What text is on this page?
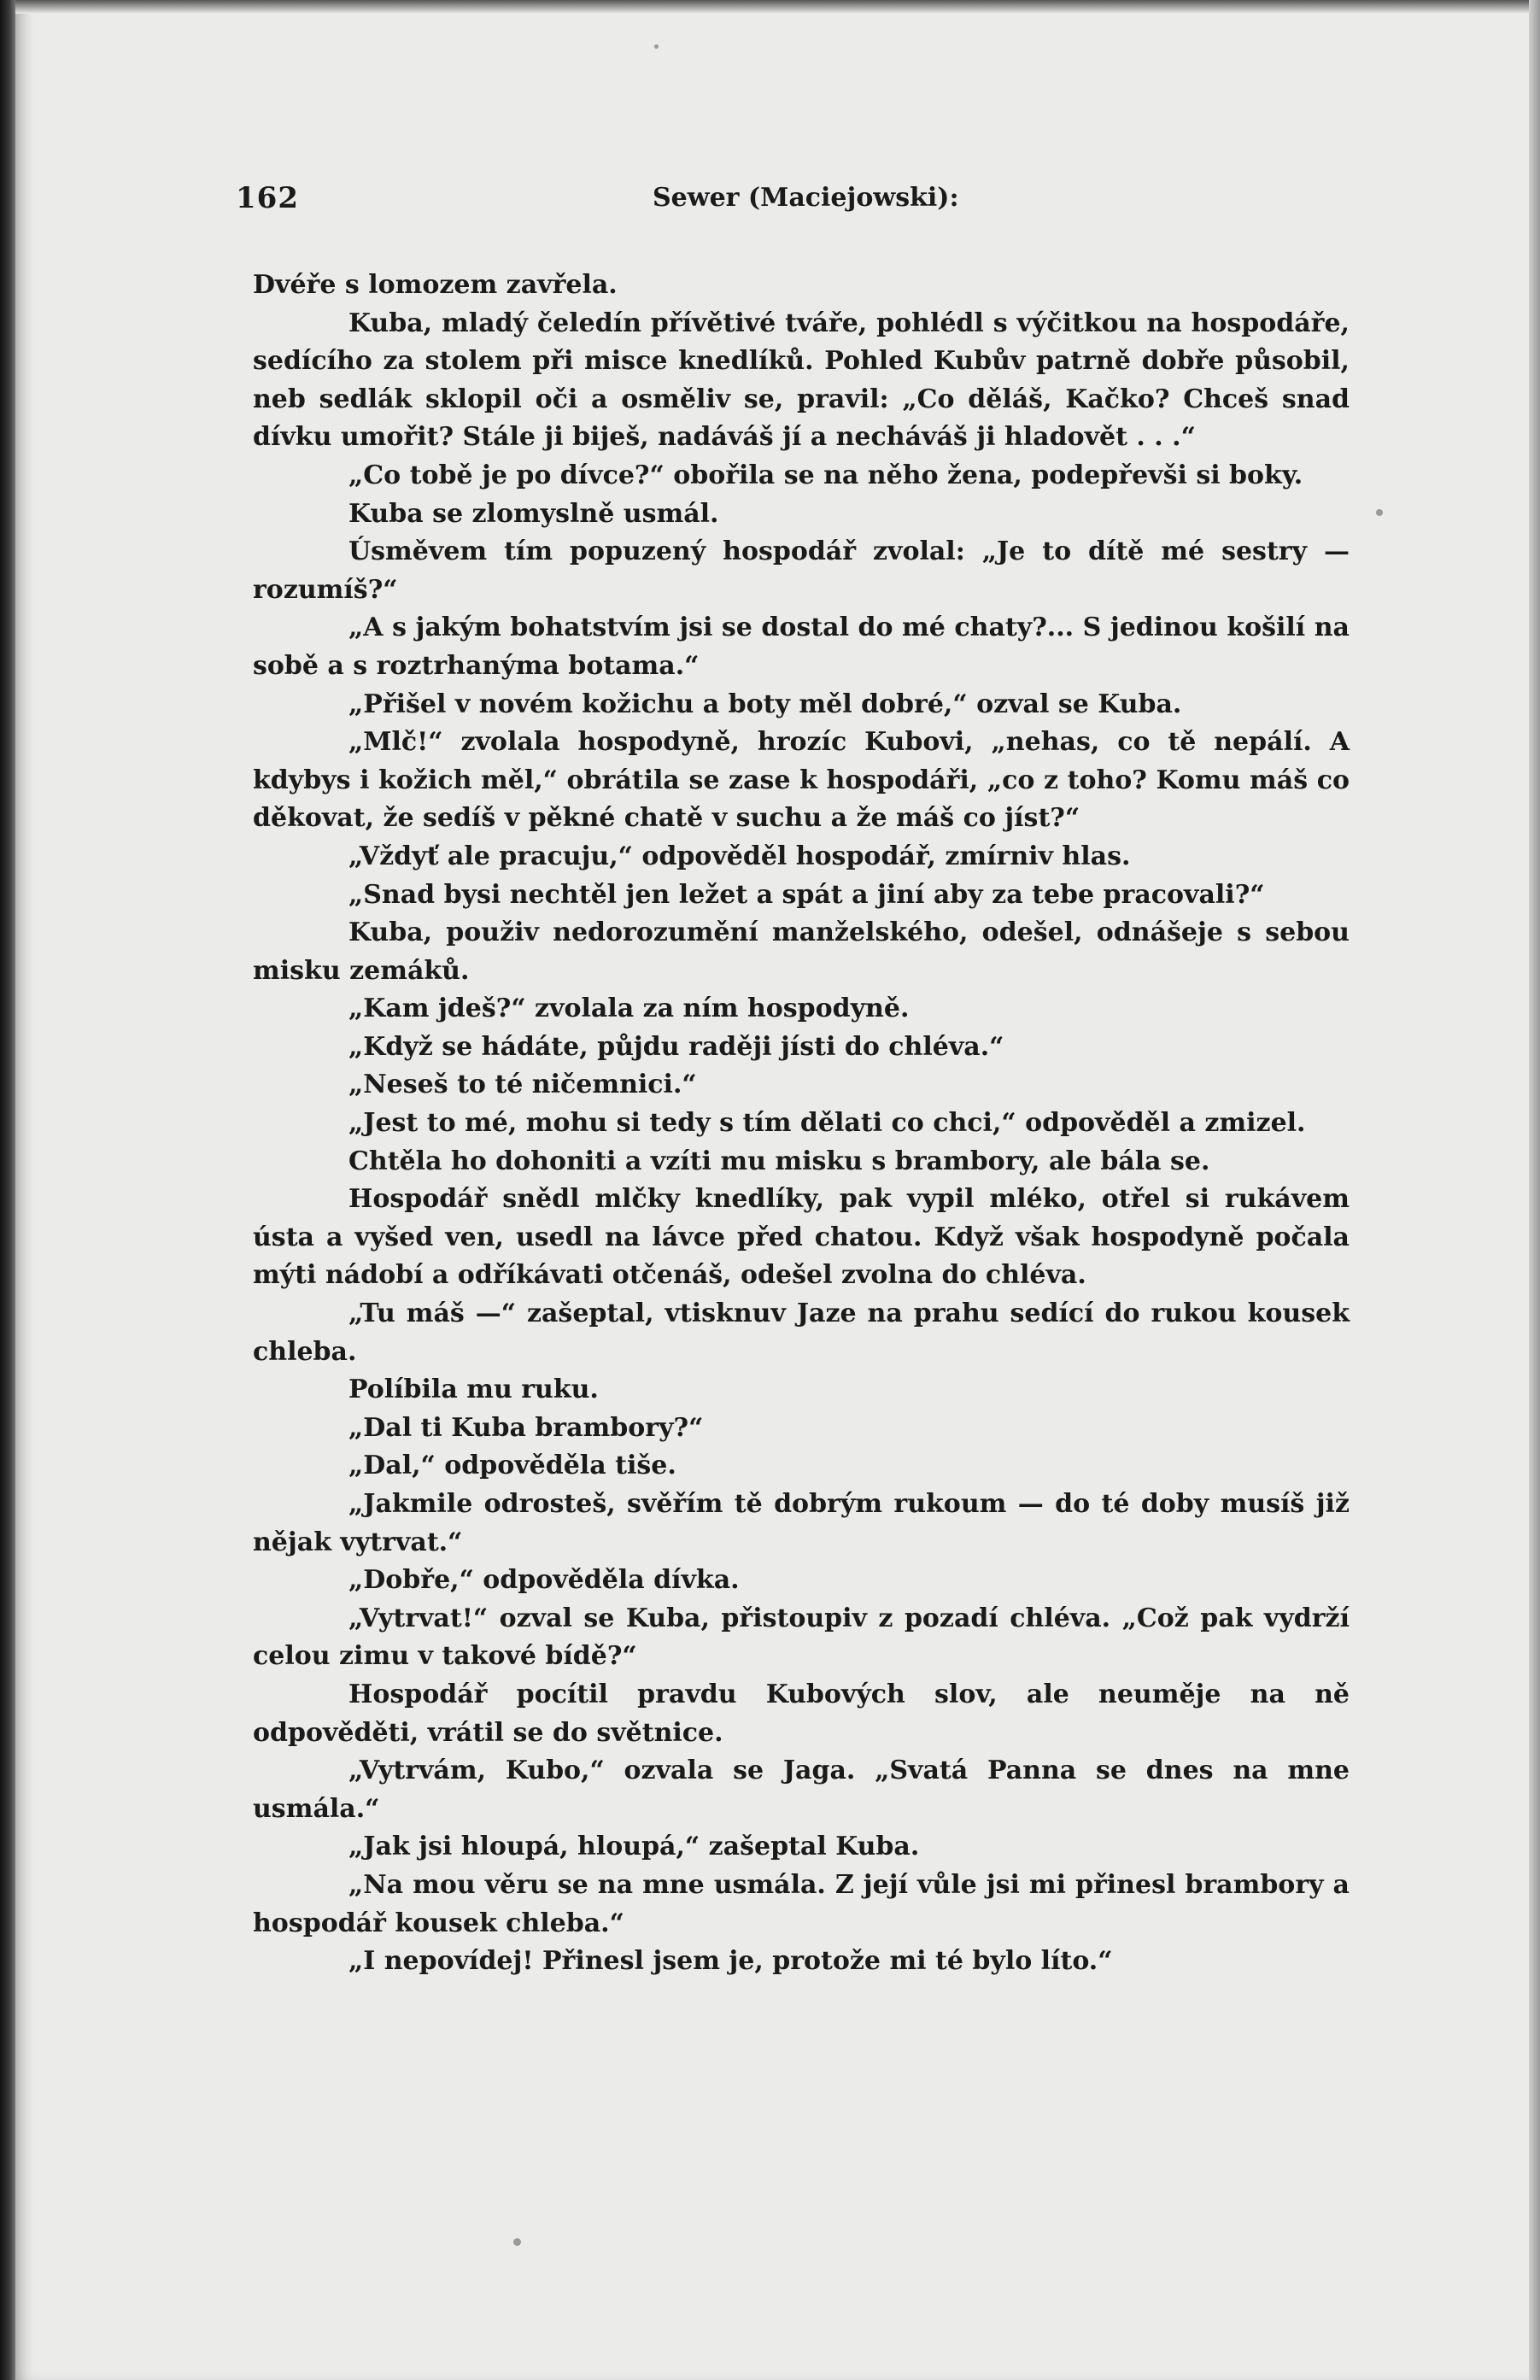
162	Sewer (Maciejowski):

Dvéře s lomozem zavřela.

Kuba, mladý čeledín přívětivé tváře, pohlédl s výčitkou na hospodáře, sedícího za stolem při misce knedlíků. Pohled Kubův patrně dobře působil, neb sedlák sklopil oči a osměliv se, pravil: „Co děláš, Kačko? Chceš snad dívku umořit? Stále ji biješ, nadáváš jí a necháváš ji hladovět . . .“

„Co tobě je po dívce?“ obořila se na něho žena, podepřevši si boky.

Kuba se zlomyslně usmál.

Úsměvem tím popuzený hospodář zvolal: „Je to dítě mé sestry — rozumíš?“

„A s jakým bohatstvím jsi se dostal do mé chaty?... S jedinou košilí na sobě a s roztrhanýma botama.“

„Přišel v novém kožichu a boty měl dobré,“ ozval se Kuba.

„Mlč!“ zvolala hospodyně, hrozíc Kubovi, „nehas, co tě nepálí. A kdybys i kožich měl,“ obrátila se zase k hospodáři, „co z toho? Komu máš co děkovat, že sedíš v pěkné chatě v suchu a že máš co jíst?“

„Vždyť ale pracuju,“ odpověděl hospodář, zmírniv hlas.

„Snad bysi nechtěl jen ležet a spát a jiní aby za tebe pracovali?“

Kuba, použiv nedorozumění manželského, odešel, odnášeje s sebou misku zemáků.

„Kam jdeš?“ zvolala za ním hospodyně.

„Když se hádáte, půjdu raději jísti do chléva.“

„Neseš to té ničemnici.“

„Jest to mé, mohu si tedy s tím dělati co chci,“ odpověděl a zmizel.

Chtěla ho dohoniti a vzíti mu misku s brambory, ale bála se.

Hospodář snědl mlčky knedlíky, pak vypil mléko, otřel si rukávem ústa a vyšed ven, usedl na lávce před chatou. Když však hospodyně počala mýti nádobí a odříkávati otčenáš, odešel zvolna do chléva.

„Tu máš —“ zašeptal, vtisknuv Jaze na prahu sedící do rukou kousek chleba.

Políbila mu ruku.

„Dal ti Kuba brambory?“

„Dal,“ odpověděla tiše.

„Jakmile odrosteš, svěřím tě dobrým rukoum — do té doby musíš již nějak vytrvat.“

„Dobře,“ odpověděla dívka.

„Vytrvat!“ ozval se Kuba, přistoupiv z pozadí chléva. „Což pak vydrží celou zimu v takové bídě?“

Hospodář pocítil pravdu Kubových slov, ale neuměje na ně odpověděti, vrátil se do světnice.

„Vytrvám, Kubo,“ ozvala se Jaga. „Svatá Panna se dnes na mne usmála.“

„Jak jsi hloupá, hloupá,“ zašeptal Kuba.

„Na mou věru se na mne usmála. Z její vůle jsi mi přinesl brambory a hospodář kousek chleba.“

„I nepovídej! Přinesl jsem je, protože mi té bylo líto.“
